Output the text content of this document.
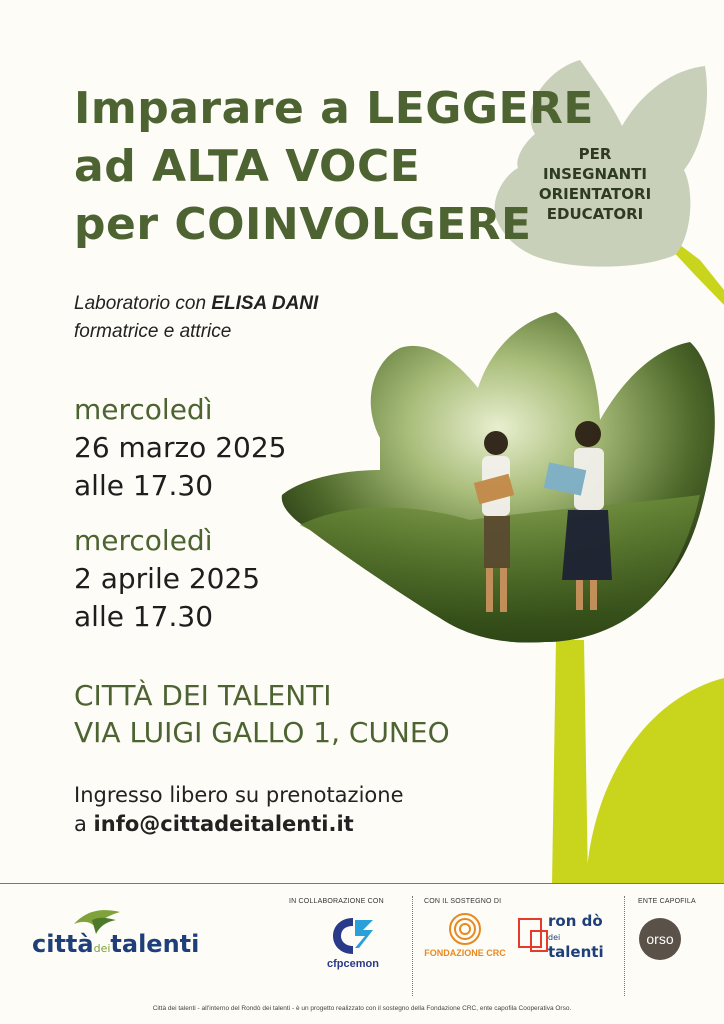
Imparare a LEGGERE
ad ALTA VOCE
per COINVOLGERE
PER
INSEGNANTI
ORIENTATORI
EDUCATORI
Laboratorio con ELISA DANI
formatrice e attrice
mercoledì
26 marzo 2025
alle 17.30
mercoledì
2 aprile 2025
alle 17.30
CITTÀ DEI TALENTI
VIA LUIGI GALLO 1, CUNEO
Ingresso libero su prenotazione
a info@cittadeitalenti.it
cittàdeitalenti
IN COLLABORAZIONE CON
cfpcemon
CON IL SOSTEGNO DI
FONDAZIONE CRC
ron dò dei
talenti
ENTE CAPOFILA
orso
Città dei talenti - all'interno del Rondò dei talenti - è un progetto realizzato con il sostegno della Fondazione CRC, ente capofila Cooperativa Orso.
